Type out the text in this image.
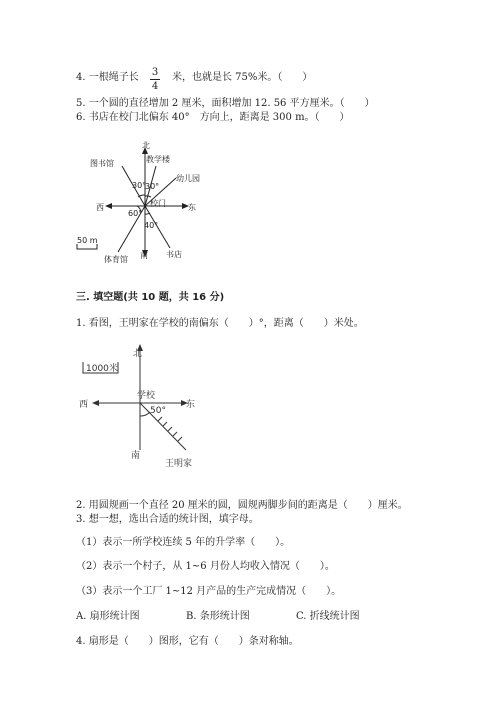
4. 一根绳子长 3
4
米，也就是长 75%米。（　　）
5. 一个圆的直径增加 2 厘米，面积增加 12. 56 平方厘米。（　　）
6. 书店在校门北偏东 40°　方向上，距离是 300 m。（　　）
北
教学楼
图书馆
幼儿园
西	东
校门
30°
30°
60°
40°
50 m
体育馆 南 书店
北
1000米
学校
西	东
50°
南
王明家
三. 填空题(共 10 题，共 16 分)
1. 看图，王明家在学校的南偏东（　　）°，距离（　　）米处。
2. 用圆规画一个直径 20 厘米的圆，圆规两脚步间的距离是（　　）厘米。
3. 想一想，选出合适的统计图，填字母。
（1）表示一所学校连续 5 年的升学率（　　）。
（2）表示一个村子，从 1~6 月份人均收入情况（　　）。
（3）表示一个工厂 1~12 月产品的生产完成情况（　　）。
A. 扇形统计图	B. 条形统计图	C. 折线统计图
4. 扇形是（　　）图形，它有（　　）条对称轴。
